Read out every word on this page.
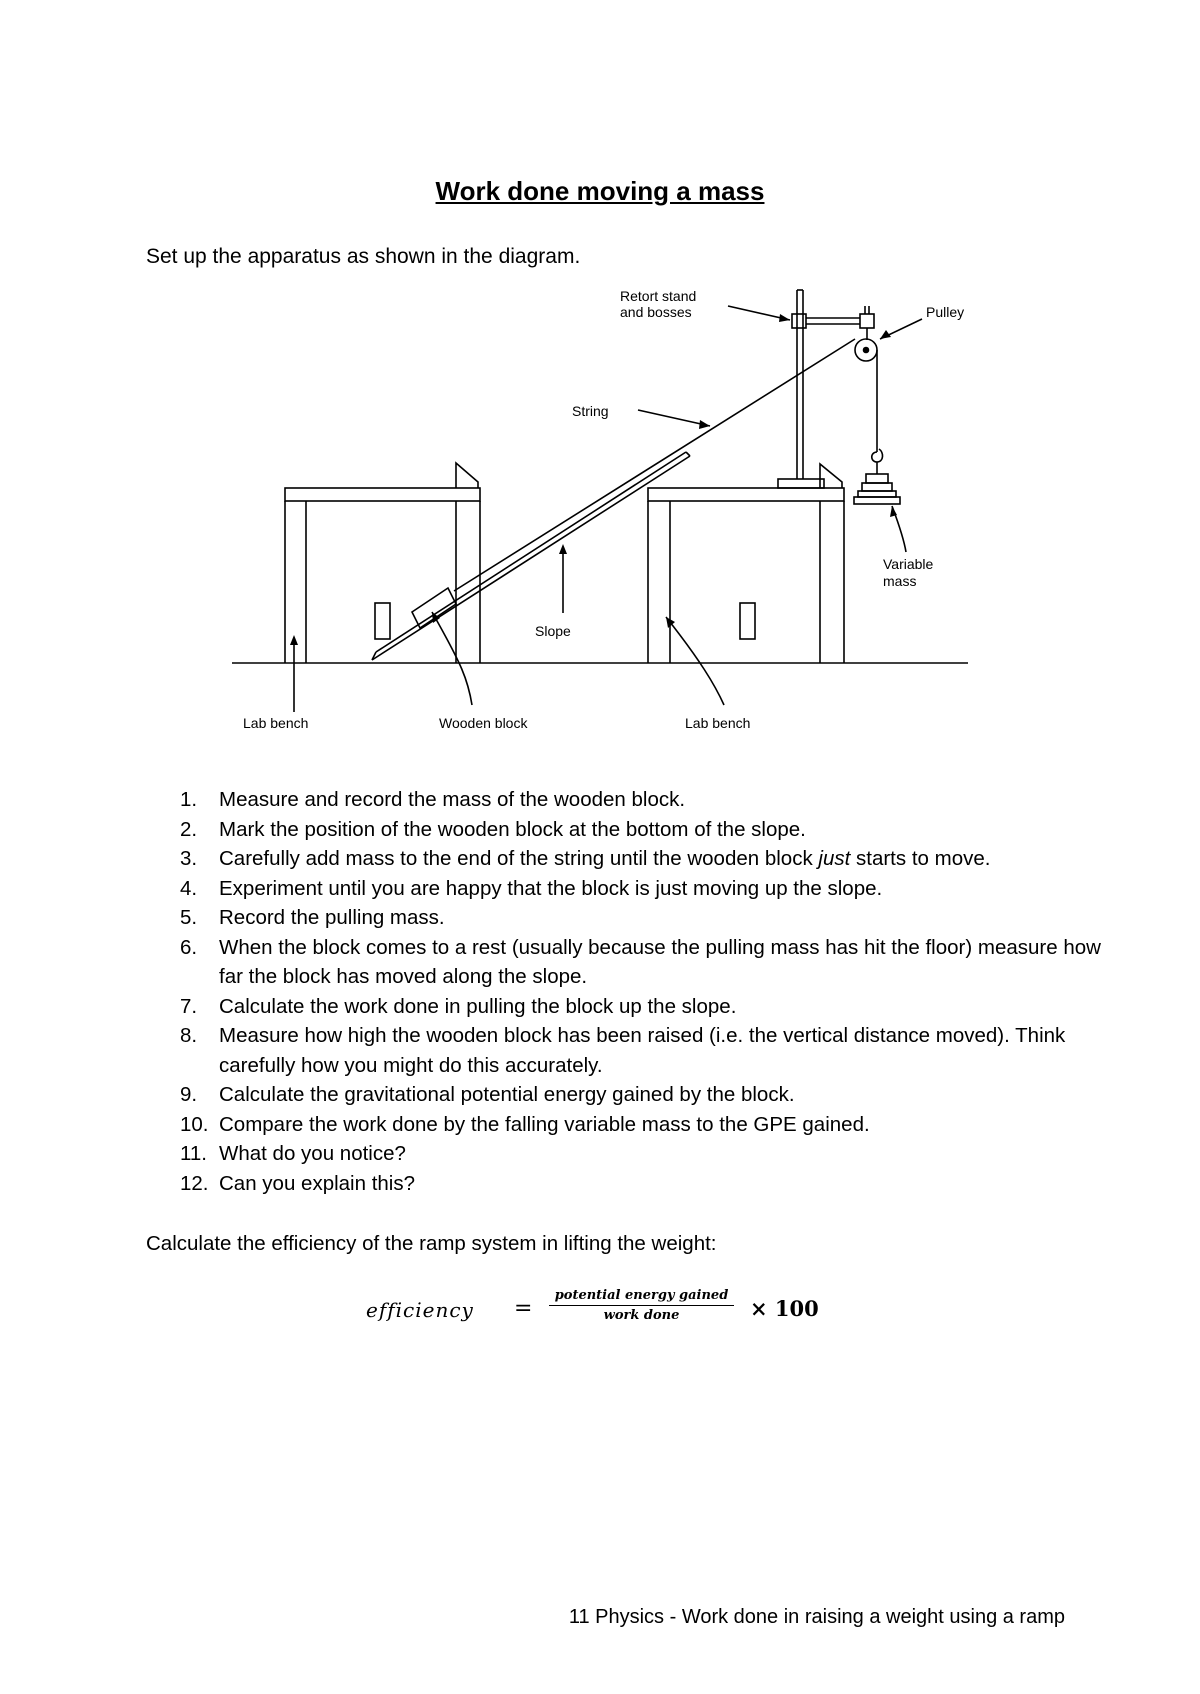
Work done moving a mass
Set up the apparatus as shown in the diagram.
Retort stand
and bosses	Pulley
String
Variable
mass
Slope
Lab bench	Wooden block	Lab bench
1. Measure and record the mass of the wooden block.
2. Mark the position of the wooden block at the bottom of the slope.
3. Carefully add mass to the end of the string until the wooden block just starts to move.
4. Experiment until you are happy that the block is just moving up the slope.
5. Record the pulling mass.
6. When the block comes to a rest (usually because the pulling mass has hit the floor) measure how far the block has moved along the slope.
7. Calculate the work done in pulling the block up the slope.
8. Measure how high the wooden block has been raised (i.e. the vertical distance moved). Think carefully how you might do this accurately.
9. Calculate the gravitational potential energy gained by the block.
10. Compare the work done by the falling variable mass to the GPE gained.
11. What do you notice?
12. Can you explain this?
Calculate the efficiency of the ramp system in lifting the weight:
efficiency =
potential energy gained
work done	× 100
11 Physics - Work done in raising a weight using a ramp
